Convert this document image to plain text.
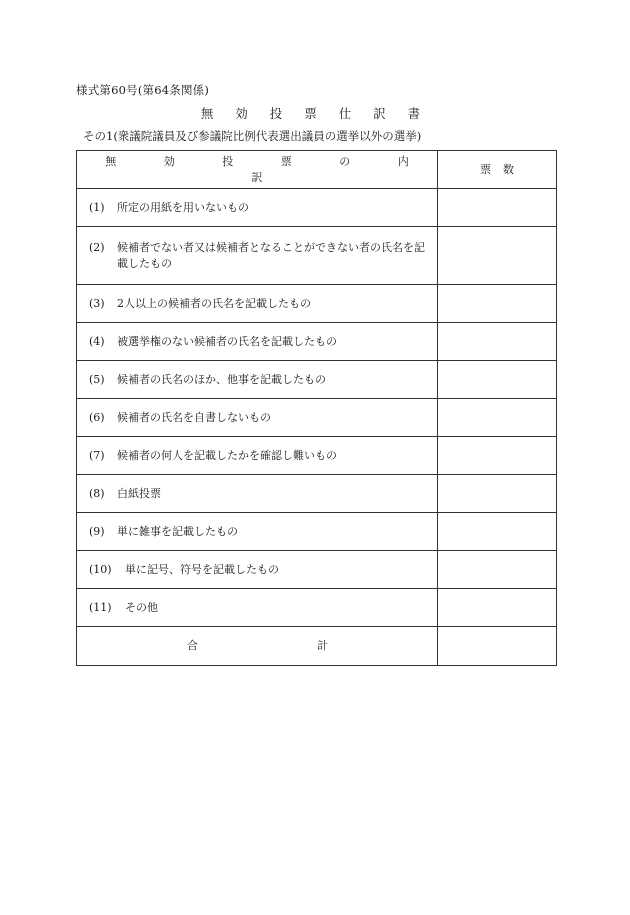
様式第60号(第64条関係)
無 効 投 票 仕 訳 書
その1(衆議院議員及び参議院比例代表選出議員の選挙以外の選挙)
無 効 投 票 の 内 訳	票数

(1) 所定の用紙を用いないもの	

(2) 候補者でない者又は候補者となることができない者の氏名を記載したもの	

(3) 2人以上の候補者の氏名を記載したもの	

(4) 被選挙権のない候補者の氏名を記載したもの	

(5) 候補者の氏名のほか、他事を記載したもの	

(6) 候補者の氏名を自書しないもの	

(7) 候補者の何人を記載したかを確認し難いもの	

(8) 白紙投票	

(9) 単に雑事を記載したもの	

(10) 単に記号、符号を記載したもの	

(11) その他	

合 計	
